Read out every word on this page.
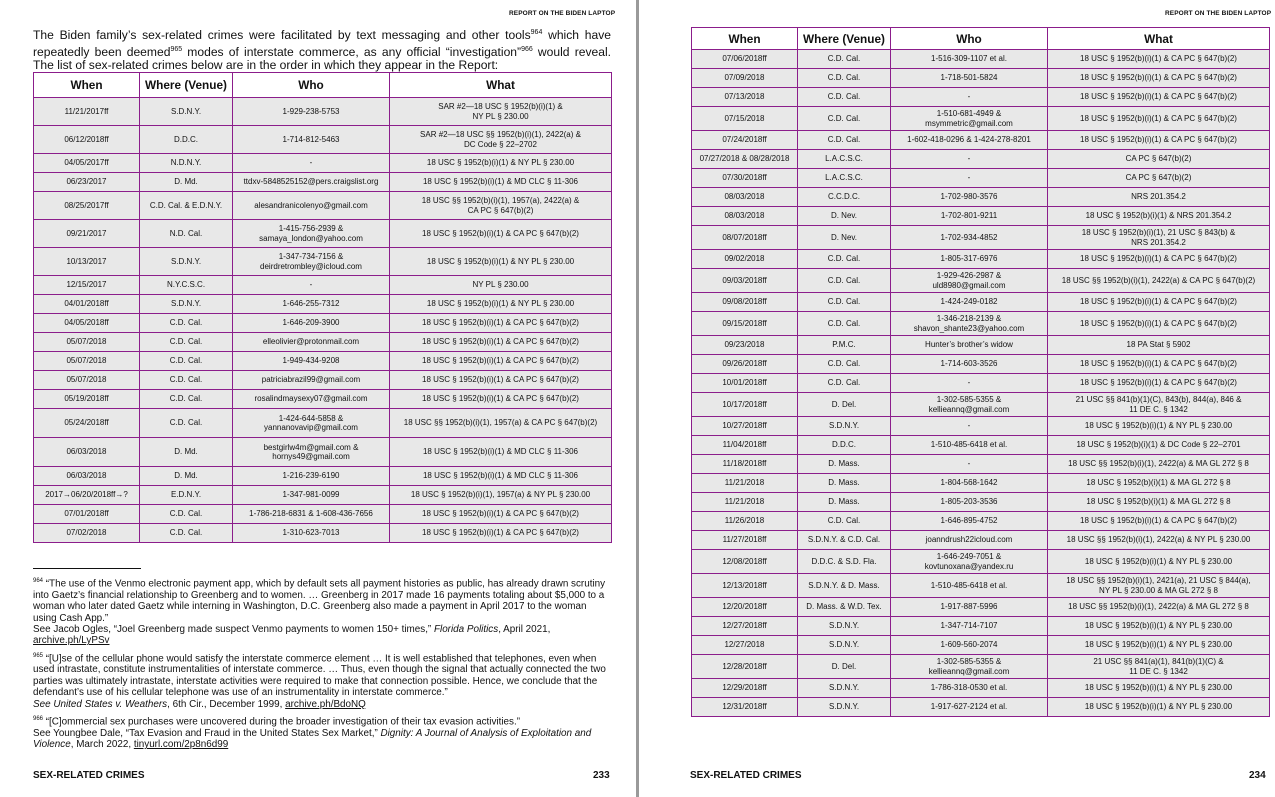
REPORT ON THE BIDEN LAPTOP

The Biden family’s sex-related crimes were facilitated by text messaging and other tools$^{964}$ which have repeatedly been deemed$^{965}$ modes of interstate commerce, as any official “investigation”$^{966}$ would reveal. The list of sex-related crimes below are in the order in which they appear in the Report:

When	Where (Venue)	Who	What
11/21/2017ff	S.D.N.Y.	1-929-238-5753	SAR #2—18 USC § 1952(b)(i)(1) &
NY PL § 230.00
06/12/2018ff	D.D.C.	1-714-812-5463	SAR #2—18 USC §§ 1952(b)(i)(1), 2422(a) &
DC Code § 22–2702
04/05/2017ff	N.D.N.Y.	-	18 USC § 1952(b)(i)(1) & NY PL § 230.00
06/23/2017	D. Md.	ttdxv-5848525152@pers.craigslist.org	18 USC § 1952(b)(i)(1) & MD CLC § 11-306
08/25/2017ff	C.D. Cal. & E.D.N.Y.	alesandranicolenyo@gmail.com	18 USC §§ 1952(b)(i)(1), 1957(a), 2422(a) &
CA PC § 647(b)(2)
09/21/2017	N.D. Cal.	1-415-756-2939 &
samaya_london@yahoo.com	18 USC § 1952(b)(i)(1) & CA PC § 647(b)(2)
10/13/2017	S.D.N.Y.	1-347-734-7156 &
deirdretrombley@icloud.com	18 USC § 1952(b)(i)(1) & NY PL § 230.00
12/15/2017	N.Y.C.S.C.	-	NY PL § 230.00
04/01/2018ff	S.D.N.Y.	1-646-255-7312	18 USC § 1952(b)(i)(1) & NY PL § 230.00
04/05/2018ff	C.D. Cal.	1-646-209-3900	18 USC § 1952(b)(i)(1) & CA PC § 647(b)(2)
05/07/2018	C.D. Cal.	elleolivier@protonmail.com	18 USC § 1952(b)(i)(1) & CA PC § 647(b)(2)
05/07/2018	C.D. Cal.	1-949-434-9208	18 USC § 1952(b)(i)(1) & CA PC § 647(b)(2)
05/07/2018	C.D. Cal.	patriciabrazil99@gmail.com	18 USC § 1952(b)(i)(1) & CA PC § 647(b)(2)
05/19/2018ff	C.D. Cal.	rosalindmaysexy07@gmail.com	18 USC § 1952(b)(i)(1) & CA PC § 647(b)(2)
05/24/2018ff	C.D. Cal.	1-424-644-5858 &
yannanovavip@gmail.com	18 USC §§ 1952(b)(i)(1), 1957(a) & CA PC § 647(b)(2)
06/03/2018	D. Md.	bestgirlw4m@gmail.com &
hornys49@gmail.com	18 USC § 1952(b)(i)(1) & MD CLC § 11-306
06/03/2018	D. Md.	1-216-239-6190	18 USC § 1952(b)(i)(1) & MD CLC § 11-306
2017→06/20/2018ff→?	E.D.N.Y.	1-347-981-0099	18 USC § 1952(b)(i)(1), 1957(a) & NY PL § 230.00
07/01/2018ff	C.D. Cal.	1-786-218-6831 & 1-608-436-7656	18 USC § 1952(b)(i)(1) & CA PC § 647(b)(2)
07/02/2018	C.D. Cal.	1-310-623-7013	18 USC § 1952(b)(i)(1) & CA PC § 647(b)(2)
$^{964}$ “The use of the Venmo electronic payment app, which by default sets all payment histories as public, has already drawn scrutiny into Gaetz’s financial relationship to Greenberg and to women. … Greenberg in 2017 made 16 payments totaling about $5,000 to a woman who later dated Gaetz while interning in Washington, D.C. Greenberg also made a payment in April 2017 to the woman using Cash App.”
See Jacob Ogles, “Joel Greenberg made suspect Venmo payments to women 150+ times,” Florida Politics, April 2021, archive.ph/LyPSv
$^{965}$ “[U]se of the cellular phone would satisfy the interstate commerce element … It is well established that telephones, even when used intrastate, constitute instrumentalities of interstate commerce. … Thus, even though the signal that actually connected the two parties was ultimately intrastate, interstate activities were required to make that connection possible. Hence, we conclude that the defendant’s use of his cellular telephone was use of an instrumentality in interstate commerce.”
See United States v. Weathers, 6th Cir., December 1999, archive.ph/BdoNQ
$^{966}$ “[C]ommercial sex purchases were uncovered during the broader investigation of their tax evasion activities.”
See Youngbee Dale, “Tax Evasion and Fraud in the United States Sex Market,” Dignity: A Journal of Analysis of Exploitation and Violence, March 2022, tinyurl.com/2p8n6d99
SEX-RELATED CRIMES	233
REPORT ON THE BIDEN LAPTOP
When	Where (Venue)	Who	What
07/06/2018ff	C.D. Cal.	1-516-309-1107 et al.	18 USC § 1952(b)(i)(1) & CA PC § 647(b)(2)
07/09/2018	C.D. Cal.	1-718-501-5824	18 USC § 1952(b)(i)(1) & CA PC § 647(b)(2)
07/13/2018	C.D. Cal.	-	18 USC § 1952(b)(i)(1) & CA PC § 647(b)(2)
07/15/2018	C.D. Cal.	1-510-681-4949 &
msymmetric@gmail.com	18 USC § 1952(b)(i)(1) & CA PC § 647(b)(2)
07/24/2018ff	C.D. Cal.	1-602-418-0296 & 1-424-278-8201	18 USC § 1952(b)(i)(1) & CA PC § 647(b)(2)
07/27/2018 & 08/28/2018	L.A.C.S.C.	-	CA PC § 647(b)(2)
07/30/2018ff	L.A.C.S.C.	-	CA PC § 647(b)(2)
08/03/2018	C.C.D.C.	1-702-980-3576	NRS 201.354.2
08/03/2018	D. Nev.	1-702-801-9211	18 USC § 1952(b)(i)(1) & NRS 201.354.2
08/07/2018ff	D. Nev.	1-702-934-4852	18 USC § 1952(b)(i)(1), 21 USC § 843(b) &
NRS 201.354.2
09/02/2018	C.D. Cal.	1-805-317-6976	18 USC § 1952(b)(i)(1) & CA PC § 647(b)(2)
09/03/2018ff	C.D. Cal.	1-929-426-2987 &
uld8980@gmail.com	18 USC §§ 1952(b)(i)(1), 2422(a) & CA PC § 647(b)(2)
09/08/2018ff	C.D. Cal.	1-424-249-0182	18 USC § 1952(b)(i)(1) & CA PC § 647(b)(2)
09/15/2018ff	C.D. Cal.	1-346-218-2139 &
shavon_shante23@yahoo.com	18 USC § 1952(b)(i)(1) & CA PC § 647(b)(2)
09/23/2018	P.M.C.	Hunter’s brother’s widow	18 PA Stat § 5902
09/26/2018ff	C.D. Cal.	1-714-603-3526	18 USC § 1952(b)(i)(1) & CA PC § 647(b)(2)
10/01/2018ff	C.D. Cal.	-	18 USC § 1952(b)(i)(1) & CA PC § 647(b)(2)
10/17/2018ff	D. Del.	1-302-585-5355 &
kellieannq@gmail.com	21 USC §§ 841(b)(1)(C), 843(b), 844(a), 846 &
11 DE C. § 1342
10/27/2018ff	S.D.N.Y.	-	18 USC § 1952(b)(i)(1) & NY PL § 230.00
11/04/2018ff	D.D.C.	1-510-485-6418 et al.	18 USC § 1952(b)(i)(1) & DC Code § 22–2701
11/18/2018ff	D. Mass.	-	18 USC §§ 1952(b)(i)(1), 2422(a) & MA GL 272 § 8
11/21/2018	D. Mass.	1-804-568-1642	18 USC § 1952(b)(i)(1) & MA GL 272 § 8
11/21/2018	D. Mass.	1-805-203-3536	18 USC § 1952(b)(i)(1) & MA GL 272 § 8
11/26/2018	C.D. Cal.	1-646-895-4752	18 USC § 1952(b)(i)(1) & CA PC § 647(b)(2)
11/27/2018ff	S.D.N.Y. & C.D. Cal.	joanndrush22icloud.com	18 USC §§ 1952(b)(i)(1), 2422(a) & NY PL § 230.00
12/08/2018ff	D.D.C. & S.D. Fla.	1-646-249-7051 &
kovtunoxana@yandex.ru	18 USC § 1952(b)(i)(1) & NY PL § 230.00
12/13/2018ff	S.D.N.Y. & D. Mass.	1-510-485-6418 et al.	18 USC §§ 1952(b)(i)(1), 2421(a), 21 USC § 844(a),
NY PL § 230.00 & MA GL 272 § 8
12/20/2018ff	D. Mass. & W.D. Tex.	1-917-887-5996	18 USC §§ 1952(b)(i)(1), 2422(a) & MA GL 272 § 8
12/27/2018ff	S.D.N.Y.	1-347-714-7107	18 USC § 1952(b)(i)(1) & NY PL § 230.00
12/27/2018	S.D.N.Y.	1-609-560-2074	18 USC § 1952(b)(i)(1) & NY PL § 230.00
12/28/2018ff	D. Del.	1-302-585-5355 &
kellieannq@gmail.com	21 USC §§ 841(a)(1), 841(b)(1)(C) &
11 DE C. § 1342
12/29/2018ff	S.D.N.Y.	1-786-318-0530 et al.	18 USC § 1952(b)(i)(1) & NY PL § 230.00
12/31/2018ff	S.D.N.Y.	1-917-627-2124 et al.	18 USC § 1952(b)(i)(1) & NY PL § 230.00
SEX-RELATED CRIMES	234
